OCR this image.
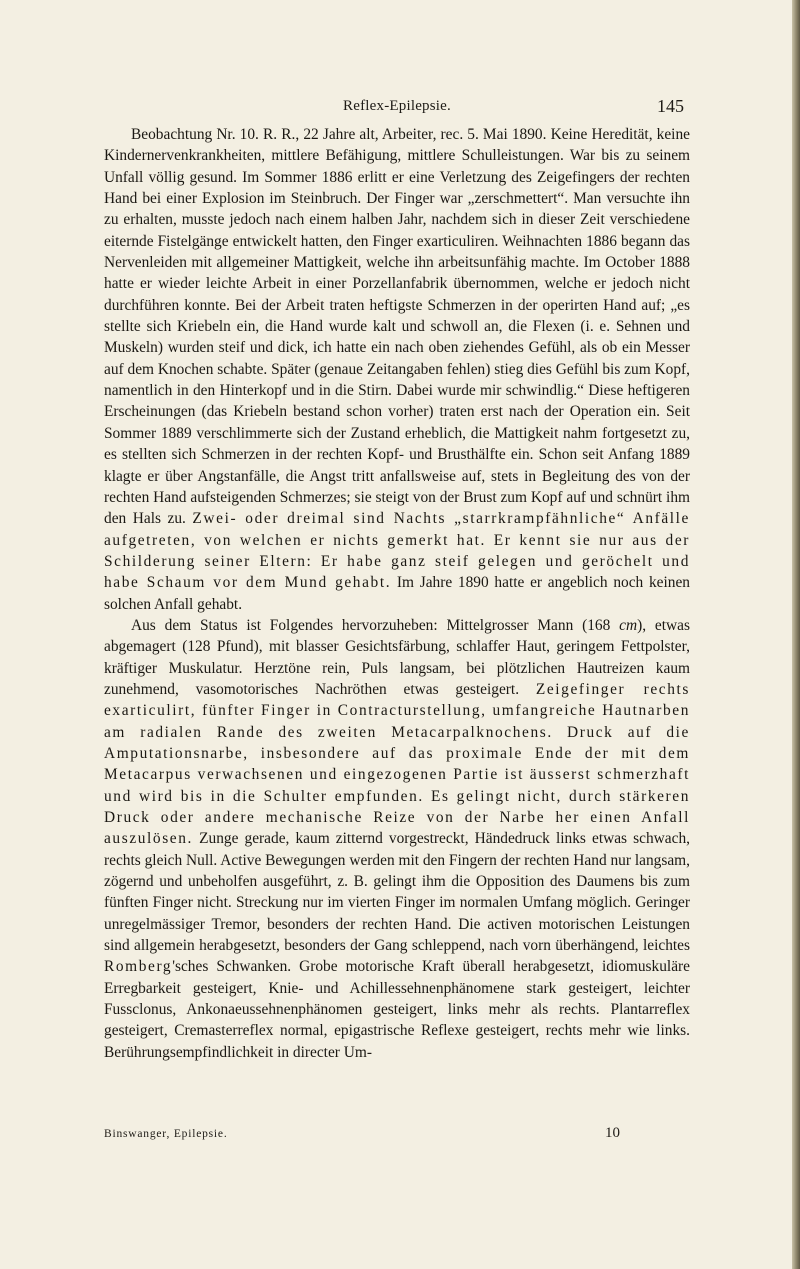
Reflex-Epilepsie.	145

Beobachtung Nr. 10. R. R., 22 Jahre alt, Arbeiter, rec. 5. Mai 1890. Keine Heredität, keine Kindernervenkrankheiten, mittlere Befähigung, mittlere Schulleistungen. War bis zu seinem Unfall völlig gesund. Im Sommer 1886 erlitt er eine Verletzung des Zeigefingers der rechten Hand bei einer Explosion im Steinbruch. Der Finger war „zerschmettert“. Man versuchte ihn zu erhalten, musste jedoch nach einem halben Jahr, nachdem sich in dieser Zeit verschiedene eiternde Fistelgänge entwickelt hatten, den Finger exarticuliren. Weihnachten 1886 begann das Nervenleiden mit allgemeiner Mattigkeit, welche ihn arbeitsunfähig machte. Im October 1888 hatte er wieder leichte Arbeit in einer Porzellanfabrik übernommen, welche er jedoch nicht durchführen konnte. Bei der Arbeit traten heftigste Schmerzen in der operirten Hand auf; „es stellte sich Kriebeln ein, die Hand wurde kalt und schwoll an, die Flexen (i. e. Sehnen und Muskeln) wurden steif und dick, ich hatte ein nach oben ziehendes Gefühl, als ob ein Messer auf dem Knochen schabte. Später (genaue Zeitangaben fehlen) stieg dies Gefühl bis zum Kopf, namentlich in den Hinterkopf und in die Stirn. Dabei wurde mir schwindlig.“ Diese heftigeren Erscheinungen (das Kriebeln bestand schon vorher) traten erst nach der Operation ein. Seit Sommer 1889 verschlimmerte sich der Zustand erheblich, die Mattigkeit nahm fortgesetzt zu, es stellten sich Schmerzen in der rechten Kopf- und Brusthälfte ein. Schon seit Anfang 1889 klagte er über Angstanfälle, die Angst tritt anfallsweise auf, stets in Begleitung des von der rechten Hand aufsteigenden Schmerzes; sie steigt von der Brust zum Kopf auf und schnürt ihm den Hals zu. Zwei- oder dreimal sind Nachts „starrkrampfähnliche“ Anfälle aufgetreten, von welchen er nichts gemerkt hat. Er kennt sie nur aus der Schilderung seiner Eltern: Er habe ganz steif gelegen und geröchelt und habe Schaum vor dem Mund gehabt. Im Jahre 1890 hatte er angeblich noch keinen solchen Anfall gehabt.

Aus dem Status ist Folgendes hervorzuheben: Mittelgrosser Mann (168 cm), etwas abgemagert (128 Pfund), mit blasser Gesichtsfärbung, schlaffer Haut, geringem Fettpolster, kräftiger Muskulatur. Herztöne rein, Puls langsam, bei plötzlichen Hautreizen kaum zunehmend, vasomotorisches Nachröthen etwas gesteigert. Zeigefinger rechts exarticulirt, fünfter Finger in Contracturstellung, umfangreiche Hautnarben am radialen Rande des zweiten Metacarpalknochens. Druck auf die Amputationsnarbe, insbesondere auf das proximale Ende der mit dem Metacarpus verwachsenen und eingezogenen Partie ist äusserst schmerzhaft und wird bis in die Schulter empfunden. Es gelingt nicht, durch stärkeren Druck oder andere mechanische Reize von der Narbe her einen Anfall auszulösen. Zunge gerade, kaum zitternd vorgestreckt, Händedruck links etwas schwach, rechts gleich Null. Active Bewegungen werden mit den Fingern der rechten Hand nur langsam, zögernd und unbeholfen ausgeführt, z. B. gelingt ihm die Opposition des Daumens bis zum fünften Finger nicht. Streckung nur im vierten Finger im normalen Umfang möglich. Geringer unregelmässiger Tremor, besonders der rechten Hand. Die activen motorischen Leistungen sind allgemein herabgesetzt, besonders der Gang schleppend, nach vorn überhängend, leichtes Romberg'sches Schwanken. Grobe motorische Kraft überall herabgesetzt, idiomuskuläre Erregbarkeit gesteigert, Knie- und Achillessehnenphänomene stark gesteigert, leichter Fussclonus, Ankonaeussehnenphänomen gesteigert, links mehr als rechts. Plantarreflex gesteigert, Cremasterreflex normal, epigastrische Reflexe gesteigert, rechts mehr wie links. Berührungsempfindlichkeit in directer Um-

Binswanger, Epilepsie.	10
